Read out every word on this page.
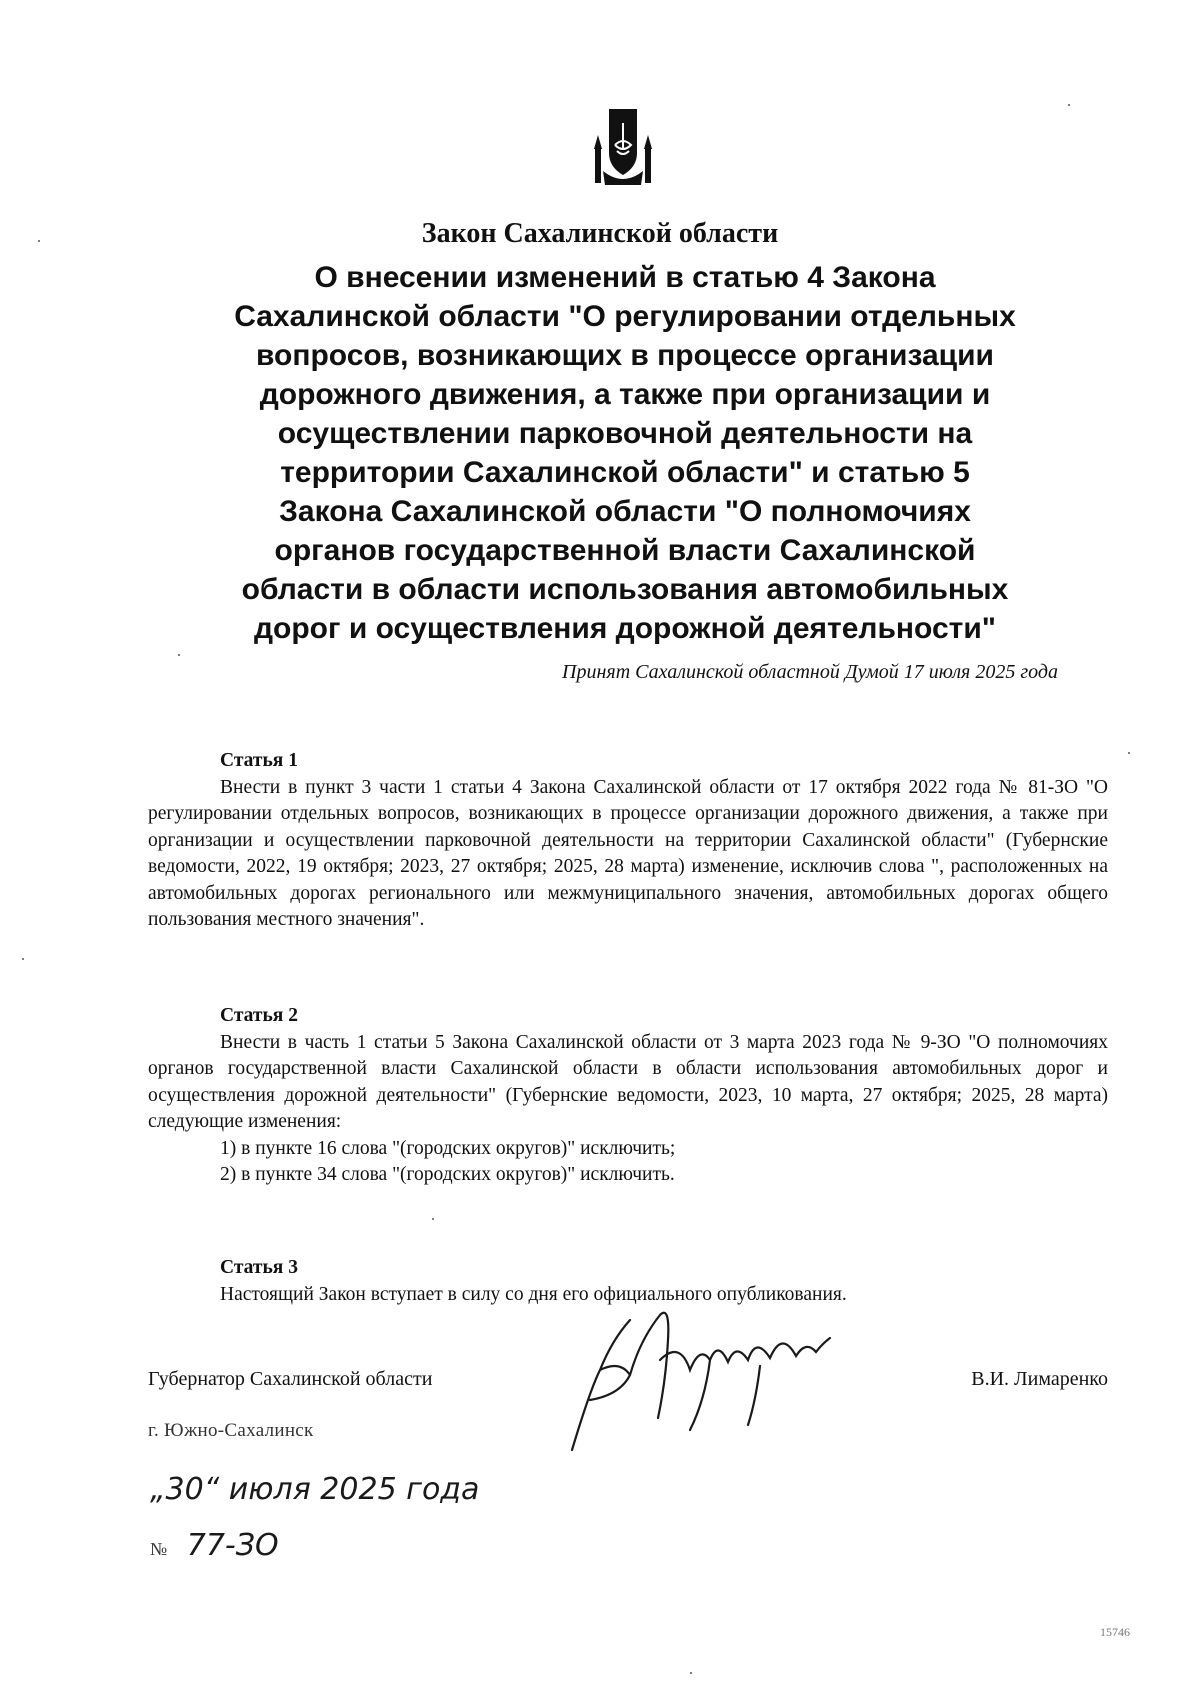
Закон Сахалинской области
О внесении изменений в статью 4 Закона
Сахалинской области "О регулировании отдельных
вопросов, возникающих в процессе организации
дорожного движения, а также при организации и
осуществлении парковочной деятельности на
территории Сахалинской области" и статью 5
Закона Сахалинской области "О полномочиях
органов государственной власти Сахалинской
области в области использования автомобильных
дорог и осуществления дорожной деятельности"
Принят Сахалинской областной Думой 17 июля 2025 года
Статья 1

Внести в пункт 3 части 1 статьи 4 Закона Сахалинской области от 17 октября 2022 года № 81-ЗО "О регулировании отдельных вопросов, возникающих в процессе организации дорожного движения, а также при организации и осуществлении парковочной деятельности на территории Сахалинской области" (Губернские ведомости, 2022, 19 октября; 2023, 27 октября; 2025, 28 марта) изменение, исключив слова ", расположенных на автомобильных дорогах регионального или межмуниципального значения, автомобильных дорогах общего пользования местного значения".

Статья 2

Внести в часть 1 статьи 5 Закона Сахалинской области от 3 марта 2023 года № 9-ЗО "О полномочиях органов государственной власти Сахалинской области в области использования автомобильных дорог и осуществления дорожной деятельности" (Губернские ведомости, 2023, 10 марта, 27 октября; 2025, 28 марта) следующие изменения:

1) в пункте 16 слова "(городских округов)" исключить;

2) в пункте 34 слова "(городских округов)" исключить.

Статья 3

Настоящий Закон вступает в силу со дня его официального опубликования.

Губернатор Сахалинской области	В.И. Лимаренко
г. Южно-Сахалинск
„30“ июля 2025 года
№ 77-ЗО
15746
